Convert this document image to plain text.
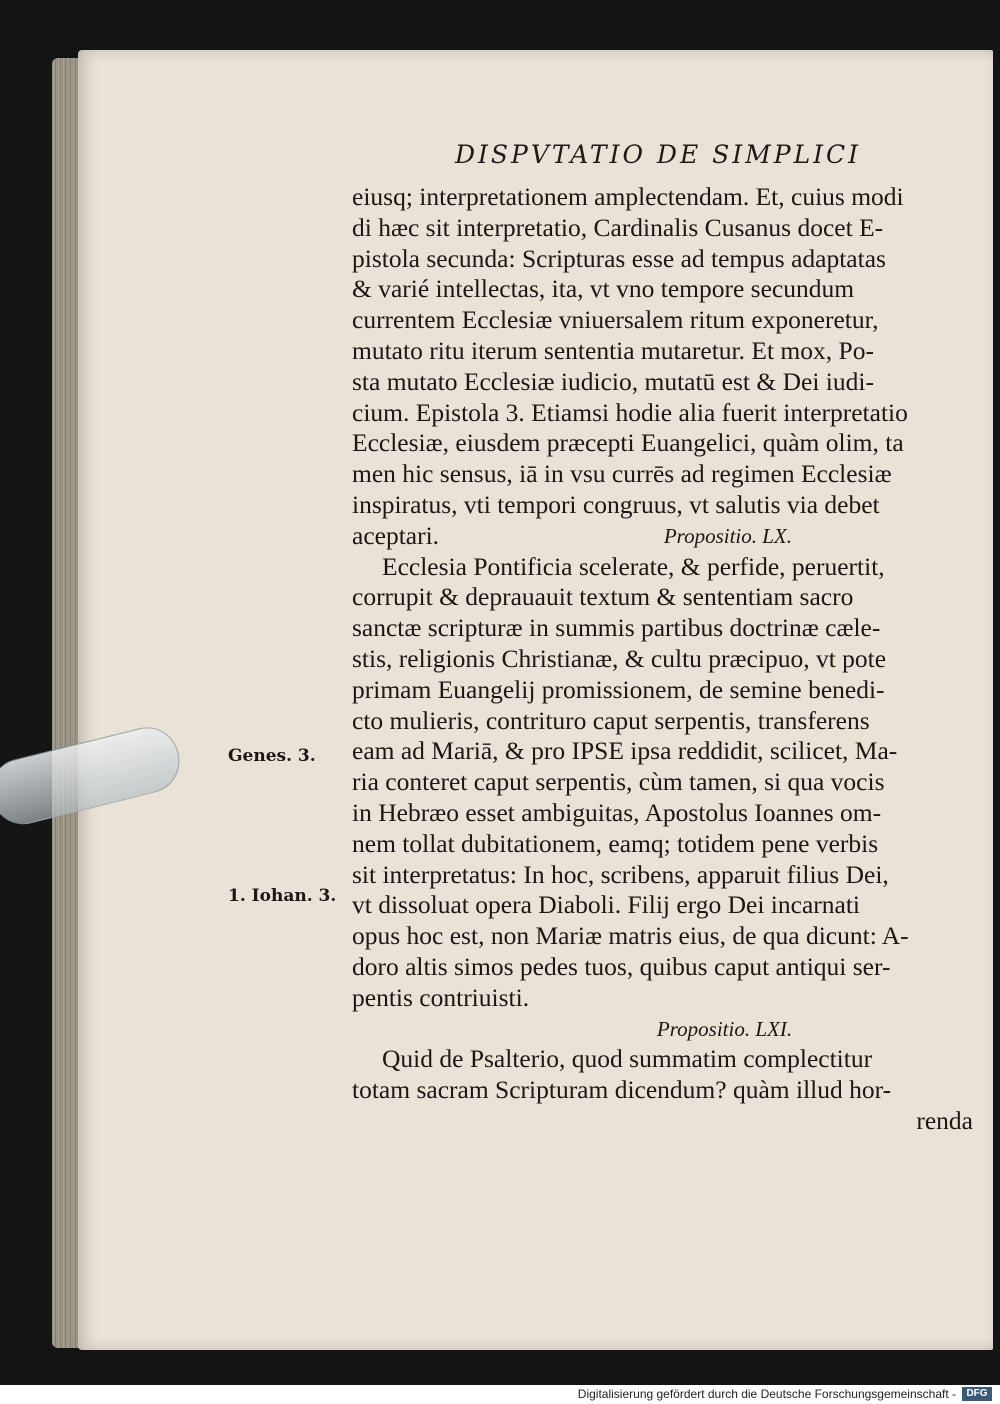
DISPVTATIO DE SIMPLICI
Genes. 3.
1. Iohan. 3.
eiusq; interpretationem amplectendam. Et, cuius modi
di hæc sit interpretatio, Cardinalis Cusanus docet E-
pistola secunda: Scripturas esse ad tempus adaptatas
& varié intellectas, ita, vt vno tempore secundum
currentem Ecclesiæ vniuersalem ritum exponeretur,
mutato ritu iterum sententia mutaretur. Et mox, Po-
sta mutato Ecclesiæ iudicio, mutatū est & Dei iudi-
cium. Epistola 3. Etiamsi hodie alia fuerit interpretatio
Ecclesiæ, eiusdem præcepti Euangelici, quàm olim, ta
men hic sensus, iā in vsu currēs ad regimen Ecclesiæ
inspiratus, vti tempori congruus, vt salutis via debet
aceptari.	Propositio. LX.
Ecclesia Pontificia scelerate, & perfide, peruertit,
corrupit & deprauauit textum & sententiam sacro
sanctæ scripturæ in summis partibus doctrinæ cæle-
stis, religionis Christianæ, & cultu præcipuo, vt pote
primam Euangelij promissionem, de semine benedi-
cto mulieris, contrituro caput serpentis, transferens
eam ad Mariā, & pro IPSE ipsa reddidit, scilicet, Ma-
ria conteret caput serpentis, cùm tamen, si qua vocis
in Hebræo esset ambiguitas, Apostolus Ioannes om-
nem tollat dubitationem, eamq; totidem pene verbis
sit interpretatus: In hoc, scribens, apparuit filius Dei,
vt dissoluat opera Diaboli. Filij ergo Dei incarnati
opus hoc est, non Mariæ matris eius, de qua dicunt: A-
doro altis simos pedes tuos, quibus caput antiqui ser-
pentis contriuisti.
Propositio. LXI.
Quid de Psalterio, quod summatim complectitur
totam sacram Scripturam dicendum? quàm illud hor-
renda
Digitalisierung gefördert durch die Deutsche Forschungsgemeinschaft -	DFG
